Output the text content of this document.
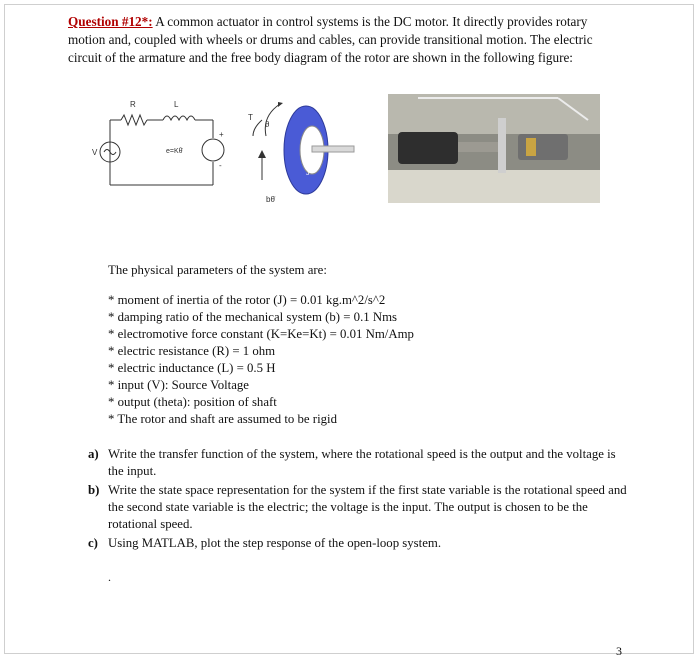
Question #12*: A common actuator in control systems is the DC motor. It directly provides rotary motion and, coupled with wheels or drums and cables, can provide transitional motion. The electric circuit of the armature and the free body diagram of the rotor are shown in the following figure:
R	L
V	e=Kθ̇
+
-
T
θ
J
bθ̇
The physical parameters of the system are:
* moment of inertia of the rotor (J) = 0.01 kg.m^2/s^2
* damping ratio of the mechanical system (b) = 0.1 Nms
* electromotive force constant (K=Ke=Kt) = 0.01 Nm/Amp
* electric resistance (R) = 1 ohm
* electric inductance (L) = 0.5 H
* input (V): Source Voltage
* output (theta): position of shaft
* The rotor and shaft are assumed to be rigid
a) Write the transfer function of the system, where the rotational speed is the output and the voltage is the input.
b) Write the state space representation for the system if the first state variable is the rotational speed and the second state variable is the electric; the voltage is the input. The output is chosen to be the rotational speed.
c) Using MATLAB, plot the step response of the open-loop system.
.
3
